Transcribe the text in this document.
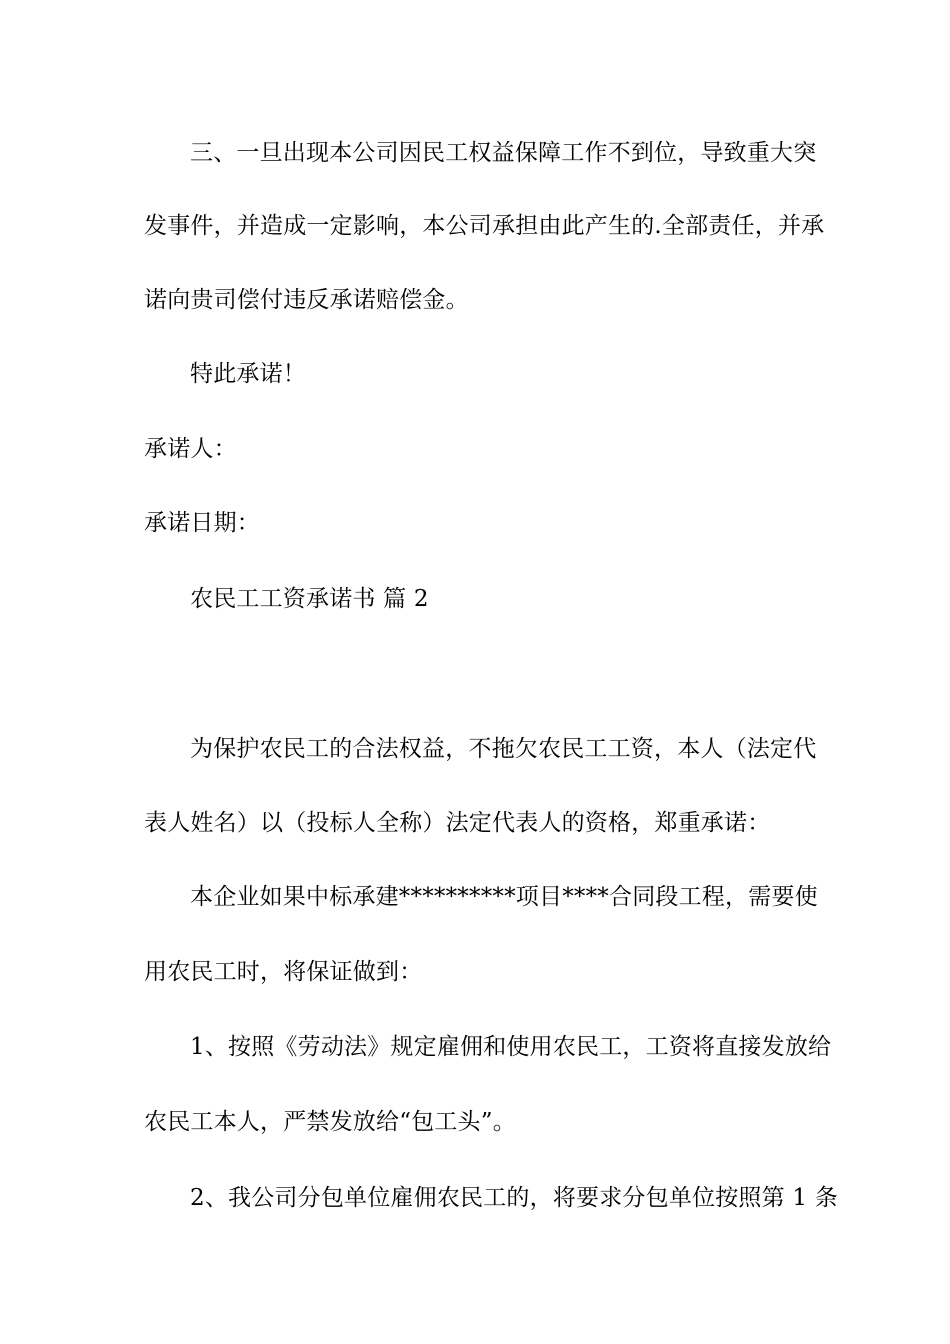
三、一旦出现本公司因民工权益保障工作不到位，导致重大突
发事件，并造成一定影响，本公司承担由此产生的.全部责任，并承
诺向贵司偿付违反承诺赔偿金。
特此承诺！
承诺人：
承诺日期：
农民工工资承诺书 篇 2
为保护农民工的合法权益，不拖欠农民工工资，本人（法定代
表人姓名）以（投标人全称）法定代表人的资格，郑重承诺：
本企业如果中标承建**********项目****合同段工程，需要使
用农民工时，将保证做到：
1、按照《劳动法》规定雇佣和使用农民工，工资将直接发放给
农民工本人，严禁发放给“包工头”。
2、我公司分包单位雇佣农民工的，将要求分包单位按照第 1 条
